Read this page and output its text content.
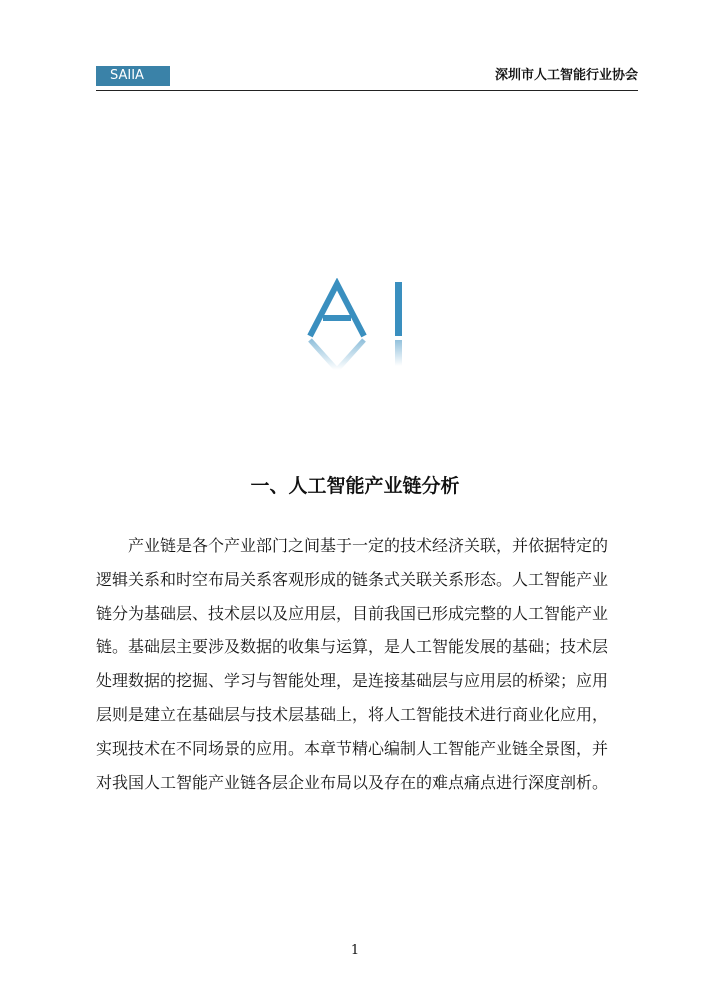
SAIIA	深圳市人工智能行业协会
一、人工智能产业链分析
产业链是各个产业部门之间基于一定的技术经济关联，并依据特定的
逻辑关系和时空布局关系客观形成的链条式关联关系形态。人工智能产业
链分为基础层、技术层以及应用层，目前我国已形成完整的人工智能产业
链。基础层主要涉及数据的收集与运算，是人工智能发展的基础；技术层
处理数据的挖掘、学习与智能处理，是连接基础层与应用层的桥梁；应用
层则是建立在基础层与技术层基础上，将人工智能技术进行商业化应用，
实现技术在不同场景的应用。本章节精心编制人工智能产业链全景图，并
对我国人工智能产业链各层企业布局以及存在的难点痛点进行深度剖析。
1
